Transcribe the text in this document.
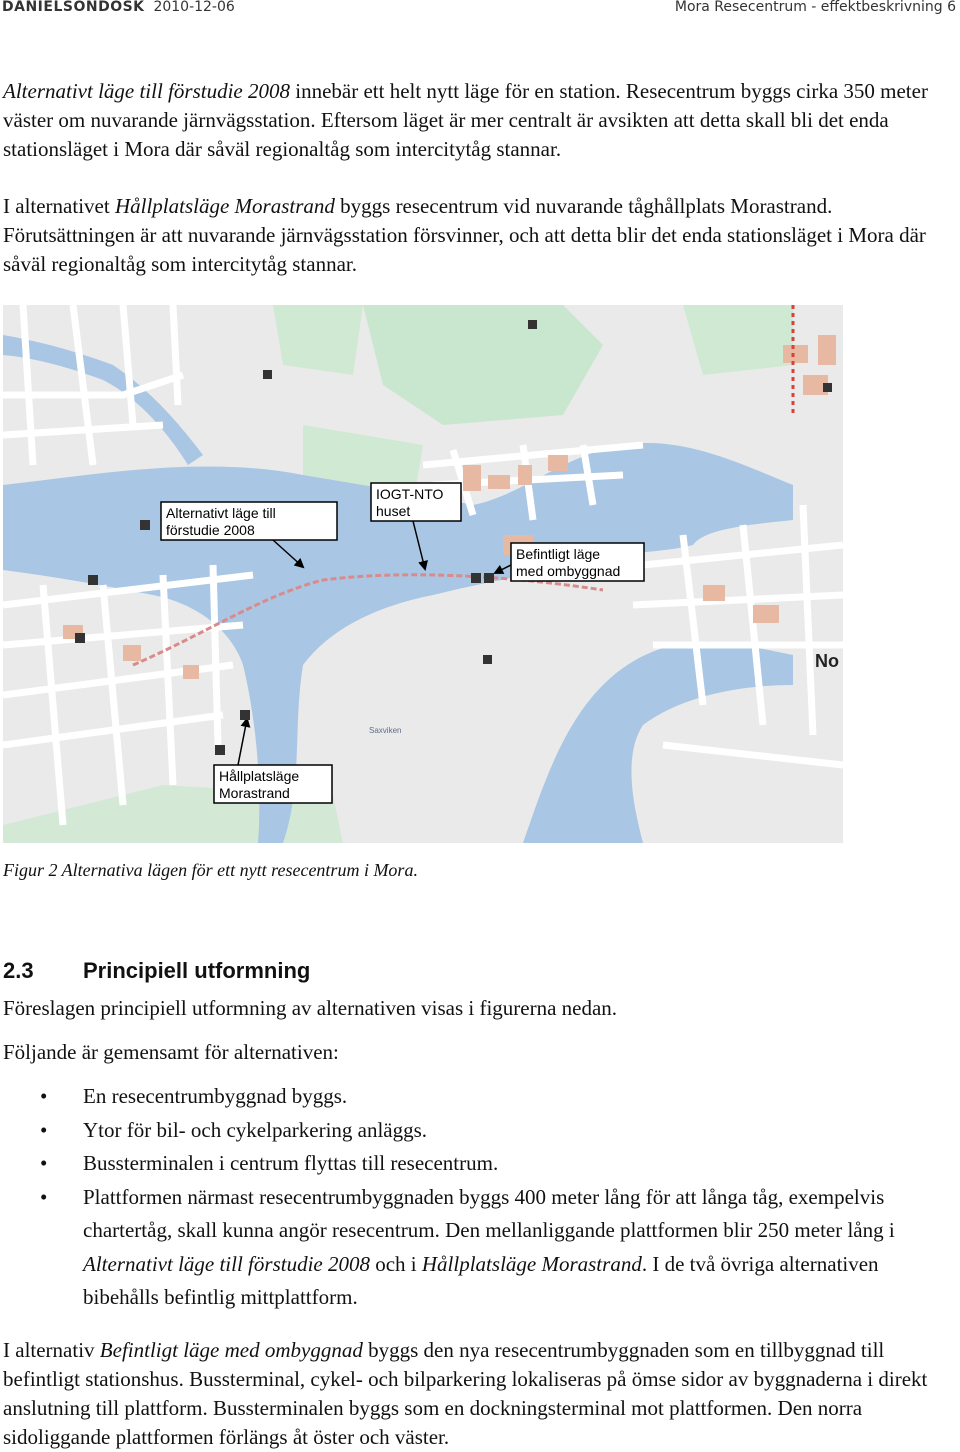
DANIELSONDOSK 2010-12-06	Mora Resecentrum - effektbeskrivning 6

Alternativt läge till förstudie 2008 innebär ett helt nytt läge för en station. Resecentrum byggs cirka 350 meter väster om nuvarande järnvägsstation. Eftersom läget är mer centralt är avsikten att detta skall bli det enda stationsläget i Mora där såväl regionaltåg som intercitytåg stannar.

I alternativet Hållplatsläge Morastrand byggs resecentrum vid nuvarande tåghållplats Morastrand. Förutsättningen är att nuvarande järnvägsstation försvinner, och att detta blir det enda stationsläget i Mora där såväl regionaltåg som intercitytåg stannar.

Saxviken
No
Alternativt läge till
förstudie 2008
IOGT-NTO
huset
Befintligt läge
med ombyggnad
Hållplatsläge
Morastrand
Figur 2 Alternativa lägen för ett nytt resecentrum i Mora.
2.3 Principiell utformning

Föreslagen principiell utformning av alternativen visas i figurerna nedan.

Följande är gemensamt för alternativen:

• En resecentrumbyggnad byggs.
• Ytor för bil- och cykelparkering anläggs.
• Bussterminalen i centrum flyttas till resecentrum.
• Plattformen närmast resecentrumbyggnaden byggs 400 meter lång för att långa tåg, exempelvis chartertåg, skall kunna angör resecentrum. Den mellanliggande plattformen blir 250 meter lång i Alternativt läge till förstudie 2008 och i Hållplatsläge Morastrand. I de två övriga alternativen bibehålls befintlig mittplattform.

I alternativ Befintligt läge med ombyggnad byggs den nya resecentrumbyggnaden som en tillbyggnad till befintligt stationshus. Bussterminal, cykel- och bilparkering lokaliseras på ömse sidor av byggnaderna i direkt anslutning till plattform. Bussterminalen byggs som en dockningsterminal mot plattformen. Den norra sidoliggande plattformen förlängs åt öster och väster.
